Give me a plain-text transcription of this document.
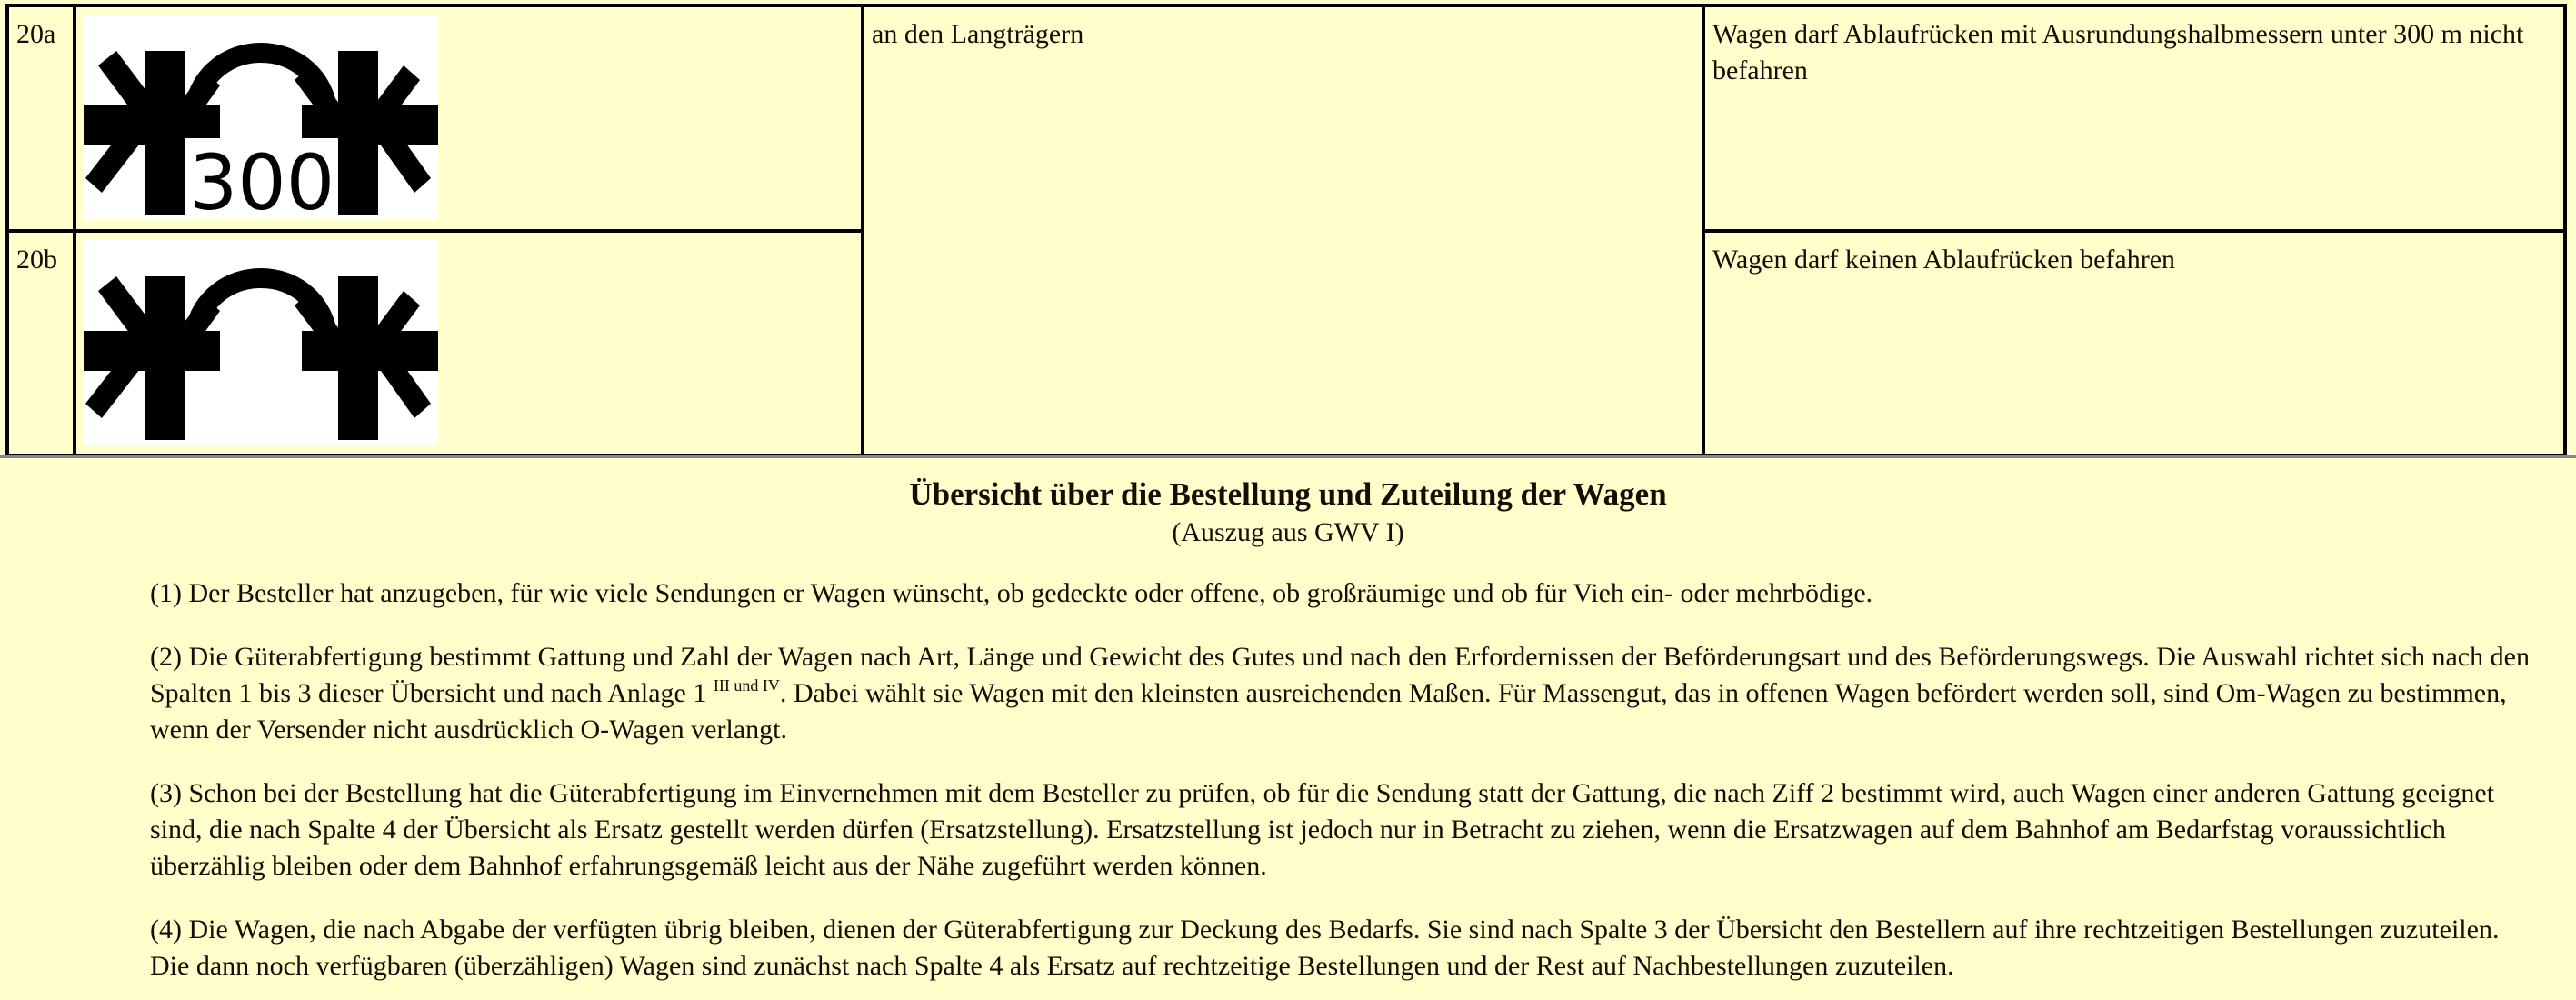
20a	300	an den Langträgern	Wagen darf Ablaufrücken mit Ausrundungshalbmessern unter 300 m nicht befahren
20b			Wagen darf keinen Ablaufrücken befahren
Übersicht über die Bestellung und Zuteilung der Wagen
(Auszug aus GWV I)

(1) Der Besteller hat anzugeben, für wie viele Sendungen er Wagen wünscht, ob gedeckte oder offene, ob großräumige und ob für Vieh ein- oder mehrbödige.

(2) Die Güterabfertigung bestimmt Gattung und Zahl der Wagen nach Art, Länge und Gewicht des Gutes und nach den Erfordernissen der Beförderungsart und des Beförderungswegs. Die Auswahl richtet sich nach den Spalten 1 bis 3 dieser Übersicht und nach Anlage 1 $^{III und IV}$. Dabei wählt sie Wagen mit den kleinsten ausreichenden Maßen. Für Massengut, das in offenen Wagen befördert werden soll, sind Om-Wagen zu bestimmen, wenn der Versender nicht ausdrücklich O-Wagen verlangt.

(3) Schon bei der Bestellung hat die Güterabfertigung im Einvernehmen mit dem Besteller zu prüfen, ob für die Sendung statt der Gattung, die nach Ziff 2 bestimmt wird, auch Wagen einer anderen Gattung geeignet sind, die nach Spalte 4 der Übersicht als Ersatz gestellt werden dürfen (Ersatzstellung). Ersatzstellung ist jedoch nur in Betracht zu ziehen, wenn die Ersatzwagen auf dem Bahnhof am Bedarfstag voraussichtlich überzählig bleiben oder dem Bahnhof erfahrungsgemäß leicht aus der Nähe zugeführt werden können.

(4) Die Wagen, die nach Abgabe der verfügten übrig bleiben, dienen der Güterabfertigung zur Deckung des Bedarfs. Sie sind nach Spalte 3 der Übersicht den Bestellern auf ihre rechtzeitigen Bestellungen zuzuteilen. Die dann noch verfügbaren (überzähligen) Wagen sind zunächst nach Spalte 4 als Ersatz auf rechtzeitige Bestellungen und der Rest auf Nachbestellungen zuzuteilen.
